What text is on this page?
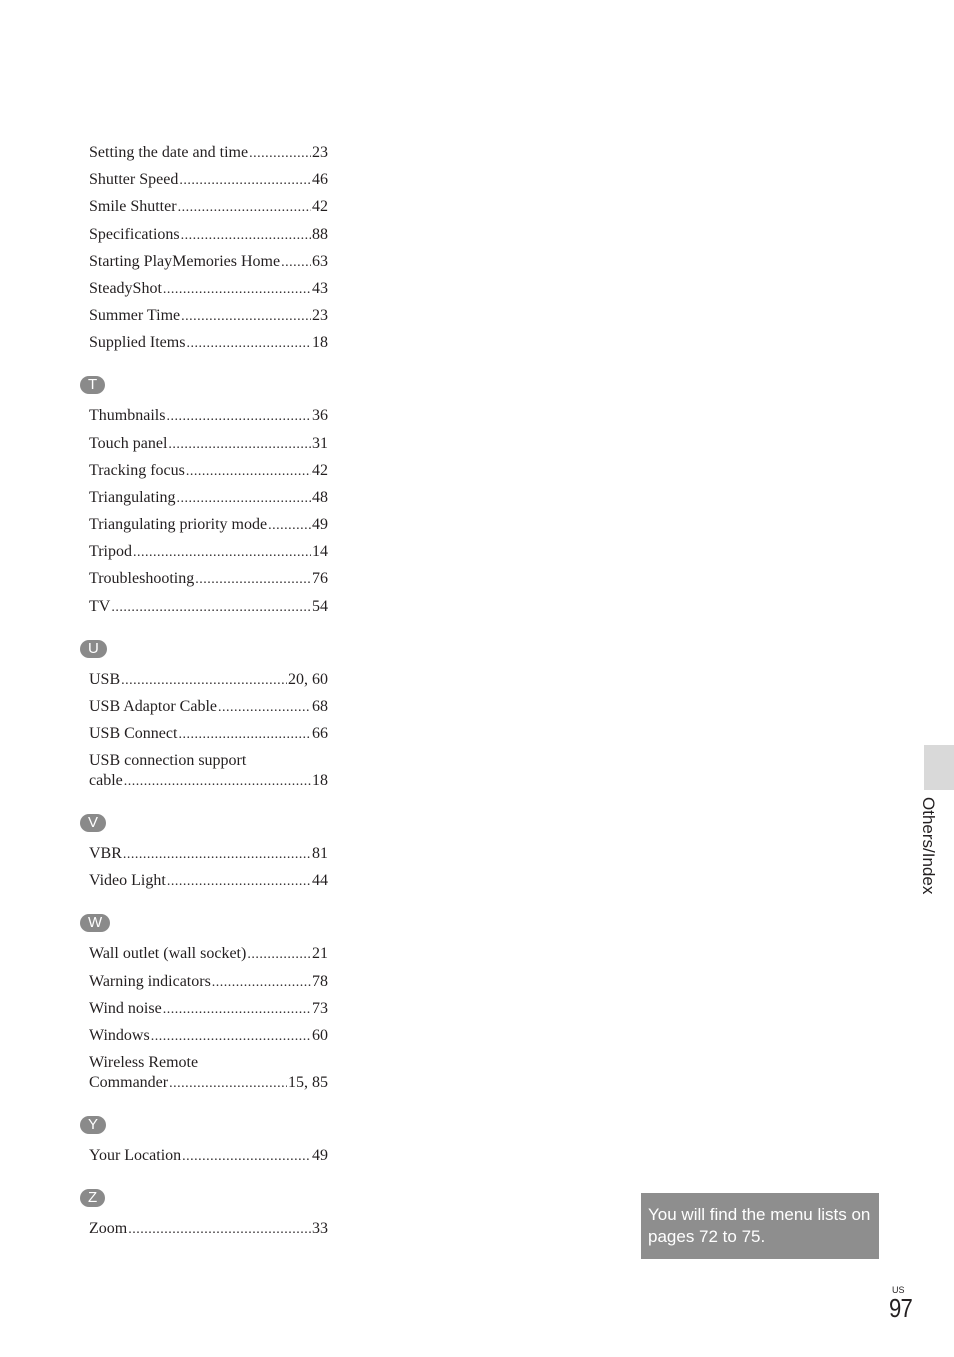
Setting the date and time .....	23
Shutter Speed .....	46
Smile Shutter .....	42
Specifications .....	88
Starting PlayMemories Home ..... 63
SteadyShot .....	43
Summer Time .....	23
Supplied Items .....	18
T
Thumbnails .....	36
Touch panel .....	31
Tracking focus .....	42
Triangulating .....	48
Triangulating priority mode .....	49
Tripod .....	14
Troubleshooting .....	76
TV .....	54
U
USB .....	20, 60
USB Adaptor Cable .....	68
USB Connect .....	66
USB connection support
cable .....	18
V
VBR .....	81
Video Light .....	44
W
Wall outlet (wall socket) .....	21
Warning indicators .....	78
Wind noise .....	73
Windows .....	60
Wireless Remote
Commander .....	15, 85
Y
Your Location .....	49
Z
Zoom .....	33
Others/Index
You will find the menu lists on pages 72 to 75.
US
97
